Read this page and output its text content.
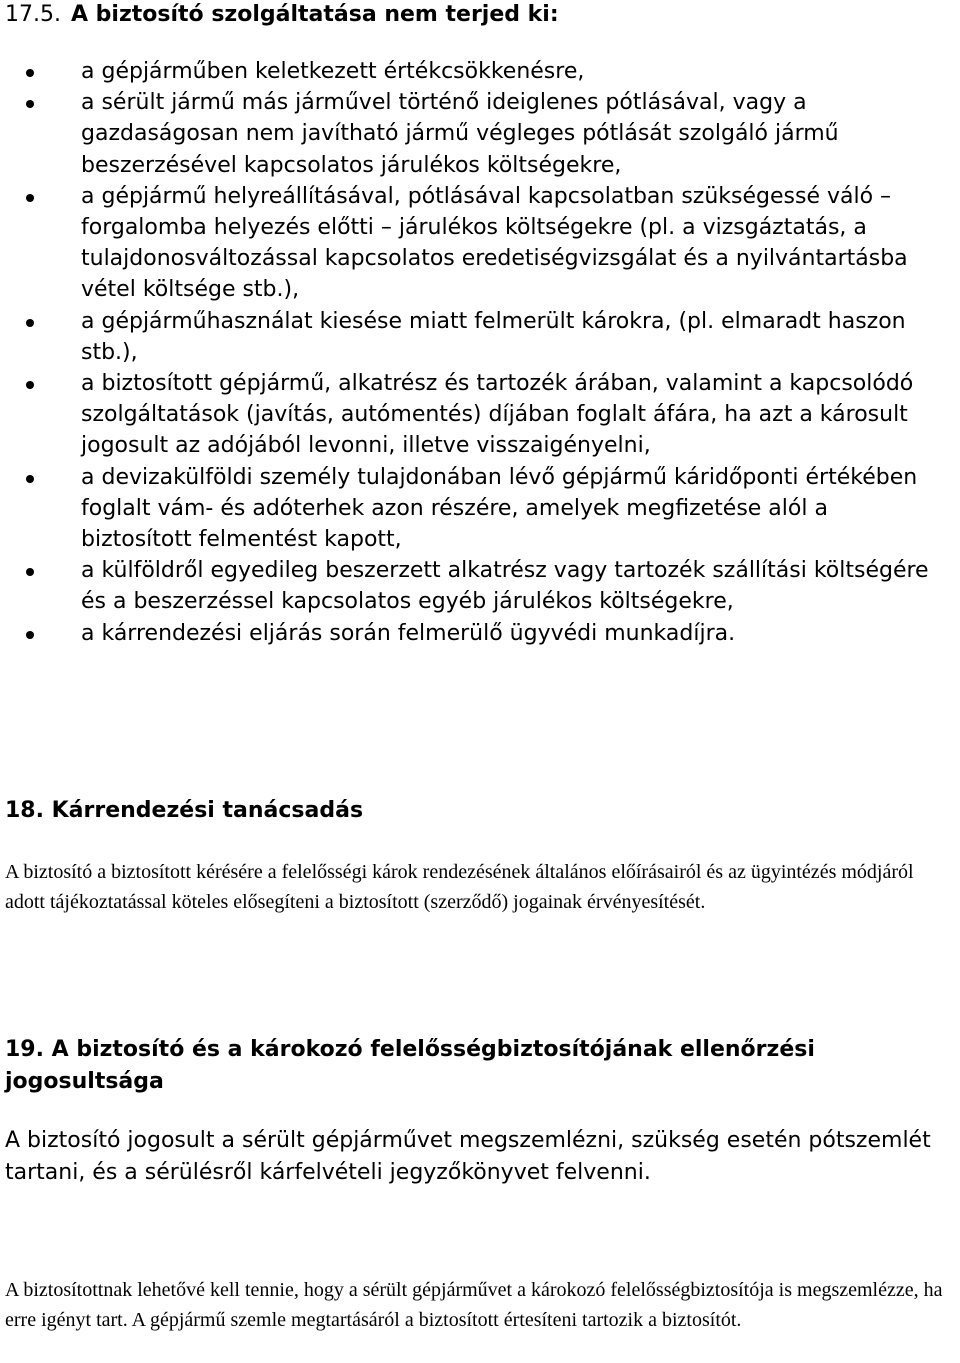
17.5. A biztosító szolgáltatása nem terjed ki:
a gépjárműben keletkezett értékcsökkenésre,
a sérült jármű más járművel történő ideiglenes pótlásával, vagy a gazdaságosan nem javítható jármű végleges pótlását szolgáló jármű beszerzésével kapcsolatos járulékos költségekre,
a gépjármű helyreállításával, pótlásával kapcsolatban szükségessé váló – forgalomba helyezés előtti – járulékos költségekre (pl. a vizsgáztatás, a tulajdonosváltozással kapcsolatos eredetiségvizsgálat és a nyilvántartásba vétel költsége stb.),
a gépjárműhasználat kiesése miatt felmerült károkra, (pl. elmaradt haszon stb.),
a biztosított gépjármű, alkatrész és tartozék árában, valamint a kapcsolódó szolgáltatások (javítás, autómentés) díjában foglalt áfára, ha azt a károsult jogosult az adójából levonni, illetve visszaigényelni,
a devizakülföldi személy tulajdonában lévő gépjármű káridőponti értékében foglalt vám- és adóterhek azon részére, amelyek megfizetése alól a biztosított felmentést kapott,
a külföldről egyedileg beszerzett alkatrész vagy tartozék szállítási költségére és a beszerzéssel kapcsolatos egyéb járulékos költségekre,
a kárrendezési eljárás során felmerülő ügyvédi munkadíjra.
18. Kárrendezési tanácsadás

A biztosító a biztosított kérésére a felelősségi károk rendezésének általános előírásairól és az ügyintézés módjáról adott tájékoztatással köteles elősegíteni a biztosított (szerződő) jogainak érvényesítését.

19. A biztosító és a károkozó felelősségbiztosítójának ellenőrzési jogosultsága

A biztosító jogosult a sérült gépjárművet megszemlézni, szükség esetén pótszemlét tartani, és a sérülésről kárfelvételi jegyzőkönyvet felvenni.

A biztosítottnak lehetővé kell tennie, hogy a sérült gépjárművet a károkozó felelősségbiztosítója is megszemlézze, ha erre igényt tart. A gépjármű szemle megtartásáról a biztosított értesíteni tartozik a biztosítót.
